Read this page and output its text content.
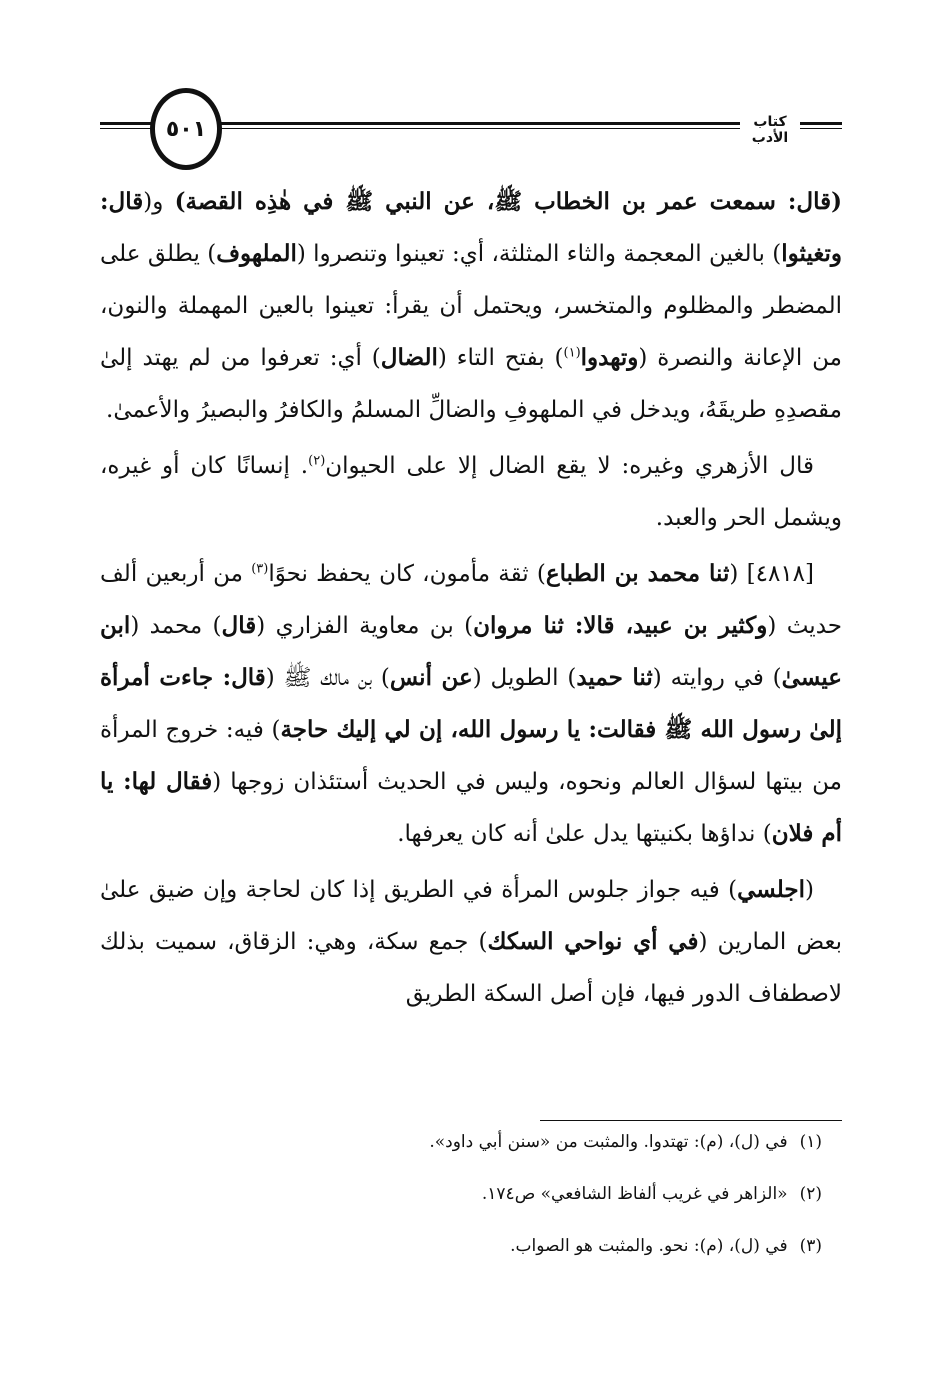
٥٠١	كتاب الأدب

(قال: سمعت عمر بن الخطاب ﷺ، عن النبي ﷺ في هٰذِه القصة) و(قال: وتغيثوا) بالغين المعجمة والثاء المثلثة، أي: تعينوا وتنصروا (الملهوف) يطلق على المضطر والمظلوم والمتخسر، ويحتمل أن يقرأ: تعينوا بالعين المهملة والنون، من الإعانة والنصرة (وتهدوا$^{(١)}$) بفتح التاء (الضال) أي: تعرفوا من لم يهتد إلىٰ مقصدِهِ طريقَهُ، ويدخل في الملهوفِ والضالِّ المسلمُ والكافرُ والبصيرُ والأعمىٰ.

قال الأزهري وغيره: لا يقع الضال إلا على الحيوان$^{(٢)}$. إنسانًا كان أو غيره، ويشمل الحر والعبد.

[٤٨١٨] (ثنا محمد بن الطباع) ثقة مأمون، كان يحفظ نحوًا$^{(٣)}$ من أربعين ألف حديث (وكثير بن عبيد، قالا: ثنا مروان) بن معاوية الفزاري (قال) محمد (ابن عيسىٰ) في روايته (ثنا حميد) الطويل (عن أنس) بن مالك ﷺ (قال: جاءت أمرأة إلىٰ رسول الله ﷺ فقالت: يا رسول الله، إن لي إليك حاجة) فيه: خروج المرأة من بيتها لسؤال العالم ونحوه، وليس في الحديث أستئذان زوجها (فقال لها: يا أم فلان) نداؤها بكنيتها يدل علىٰ أنه كان يعرفها.

(اجلسي) فيه جواز جلوس المرأة في الطريق إذا كان لحاجة وإن ضيق علىٰ بعض المارين (في أي نواحي السكك) جمع سكة، وهي: الزقاق، سميت بذلك لاصطفاف الدور فيها، فإن أصل السكة الطريق

(١)في (ل)، (م): تهتدوا. والمثبت من «سنن أبي داود».

(٢)«الزاهر في غريب ألفاظ الشافعي» ص١٧٤.

(٣)في (ل)، (م): نحو. والمثبت هو الصواب.
